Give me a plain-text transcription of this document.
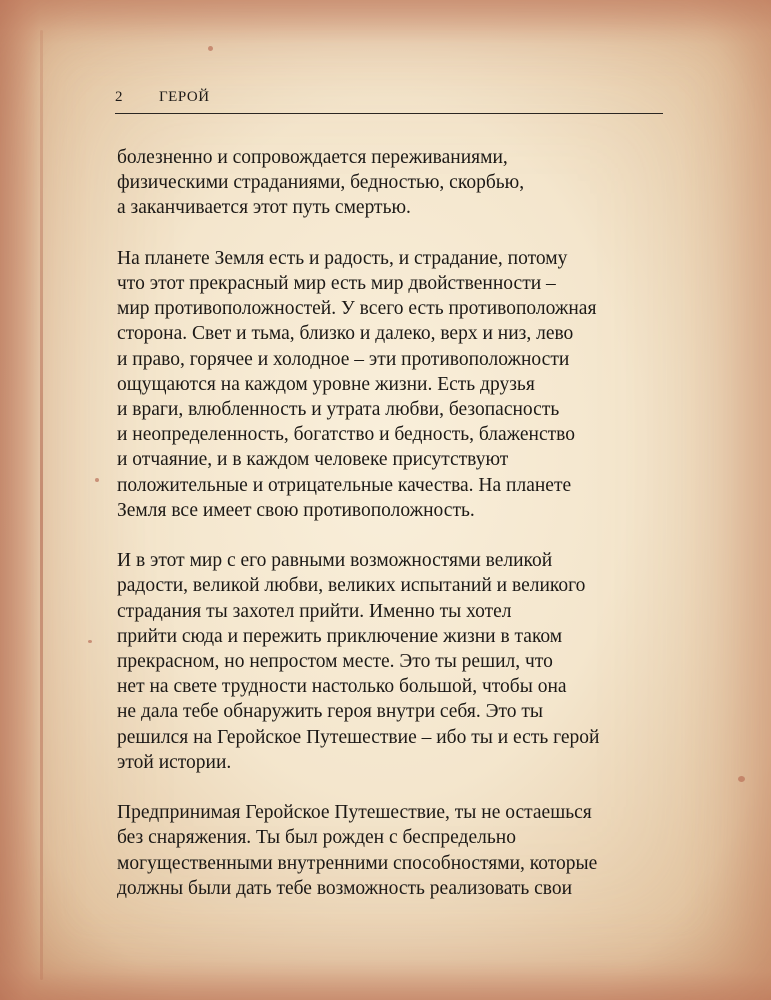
2 ГЕРОЙ
болезненно и сопровождается переживаниями,
физическими страданиями, бедностью, скорбью,
а заканчивается этот путь смертью.
На планете Земля есть и радость, и страдание, потому
что этот прекрасный мир есть мир двойственности –
мир противоположностей. У всего есть противоположная
сторона. Свет и тьма, близко и далеко, верх и низ, лево
и право, горячее и холодное – эти противоположности
ощущаются на каждом уровне жизни. Есть друзья
и враги, влюбленность и утрата любви, безопасность
и неопределенность, богатство и бедность, блаженство
и отчаяние, и в каждом человеке присутствуют
положительные и отрицательные качества. На планете
Земля все имеет свою противоположность.
И в этот мир с его равными возможностями великой
радости, великой любви, великих испытаний и великого
страдания ты захотел прийти. Именно ты хотел
прийти сюда и пережить приключение жизни в таком
прекрасном, но непростом месте. Это ты решил, что
нет на свете трудности настолько большой, чтобы она
не дала тебе обнаружить героя внутри себя. Это ты
решился на Геройское Путешествие – ибо ты и есть герой
этой истории.
Предпринимая Геройское Путешествие, ты не остаешься
без снаряжения. Ты был рожден с беспредельно
могущественными внутренними способностями, которые
должны были дать тебе возможность реализовать свои
